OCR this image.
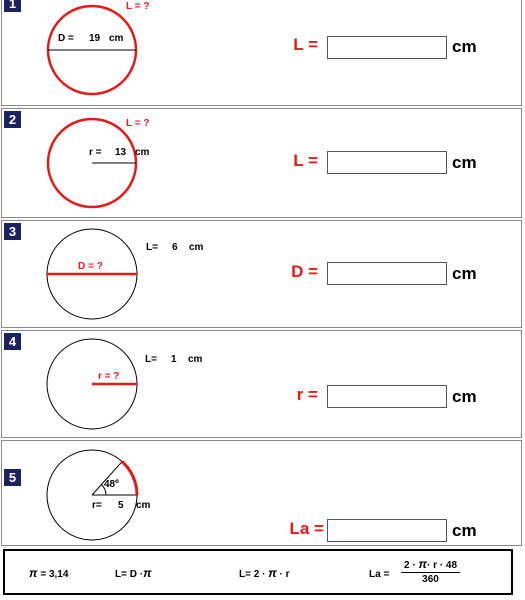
1
D = 19 cm
L = ?
L =	cm
2
r = 13 cm
L = ?
L =	cm
3
D = ?
L= 6 cm
D =	cm
4
r = ?
L= 1 cm
r =	cm
5	48º
r= 5 cm
La =	cm
π = 3,14	L= D ·π	L= 2 · π · r	$La = \frac{2 \cdot \pi\cdot r \cdot 48}{360}$
